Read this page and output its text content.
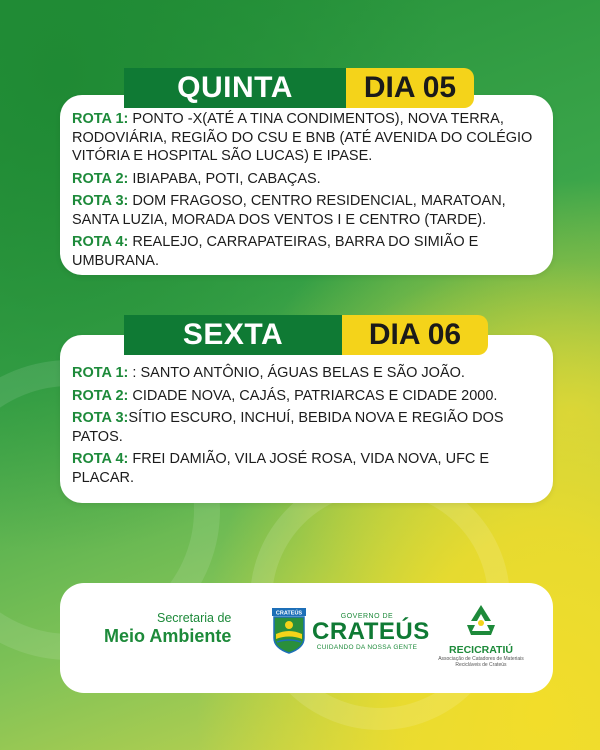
QUINTA	DIA 05
ROTA 1: PONTO -X(ATÉ A TINA CONDIMENTOS), NOVA TERRA, RODOVIÁRIA, REGIÃO DO CSU E BNB (ATÉ AVENIDA DO COLÉGIO VITÓRIA E HOSPITAL SÃO LUCAS) E IPASE.
ROTA 2: IBIAPABA, POTI, CABAÇAS.
ROTA 3: DOM FRAGOSO, CENTRO RESIDENCIAL, MARATOAN, SANTA LUZIA, MORADA DOS VENTOS I E CENTRO (TARDE).
ROTA 4: REALEJO, CARRAPATEIRAS, BARRA DO SIMIÃO E UMBURANA.
SEXTA	DIA 06
ROTA 1: : SANTO ANTÔNIO, ÁGUAS BELAS E SÃO JOÃO.
ROTA 2: CIDADE NOVA, CAJÁS, PATRIARCAS E CIDADE 2000.
ROTA 3:SÍTIO ESCURO, INCHUÍ, BEBIDA NOVA E REGIÃO DOS PATOS.
ROTA 4: FREI DAMIÃO, VILA JOSÉ ROSA, VIDA NOVA, UFC E PLACAR.
Secretaria de
Meio Ambiente
CRATEÚS	GOVERNO DE
CRATEÚS
CUIDANDO DA NOSSA GENTE	RECICRATIÚ
Associação de Catadores de Materiais Recicláveis de Crateús
